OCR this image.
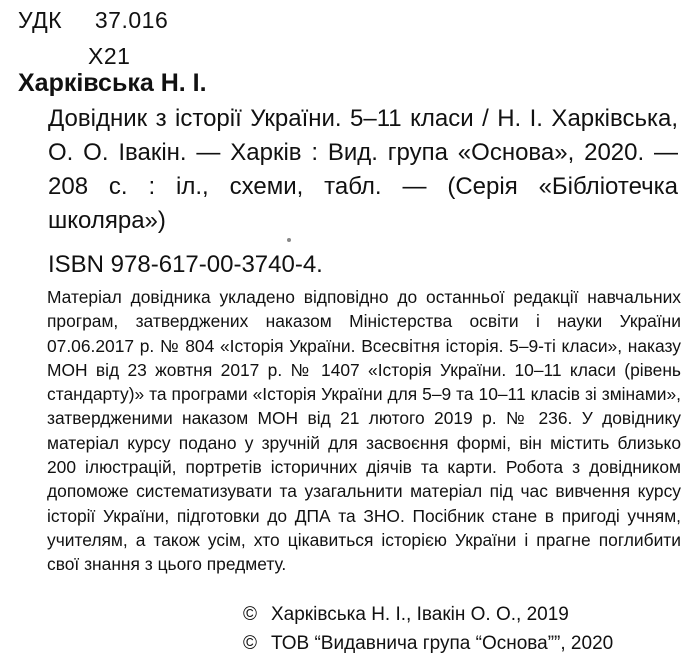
УДК 37.016
Х21
Харківська Н. І.
Довідник з історії України. 5–11 класи / Н. І. Харківська, О. О. Івакін. — Харків : Вид. група «Основа», 2020. — 208 с. : іл., схеми, табл. — (Серія «Бібліотечка школяра»)
ISBN 978-617-00-3740-4.

Матеріал довідника укладено відповідно до останньої редакції навчальних програм, затверджених наказом Міністерства освіти і науки України 07.06.2017 р. № 804 «Історія України. Всесвітня історія. 5–9-ті класи», наказу МОН від 23 жовтня 2017 р. № 1407 «Історія України. 10–11 класи (рівень стандарту)» та програми «Історія України для 5–9 та 10–11 класів зі змінами», затвердженими наказом МОН від 21 лютого 2019 р. № 236. У довіднику матеріал курсу подано у зручній для засвоєння формі, він містить близько 200 ілюстрацій, портретів історичних діячів та карти. Робота з довідником допоможе систематизувати та узагальнити матеріал під час вивчення курсу історії України, підготовки до ДПА та ЗНО. Посібник стане в пригоді учням, учителям, а також усім, хто цікавиться історією України і прагне поглибити свої знання з цього предмету.

© Харківська Н. І., Івакін О. О., 2019
© ТОВ “Видавнича група “Основа””, 2020
